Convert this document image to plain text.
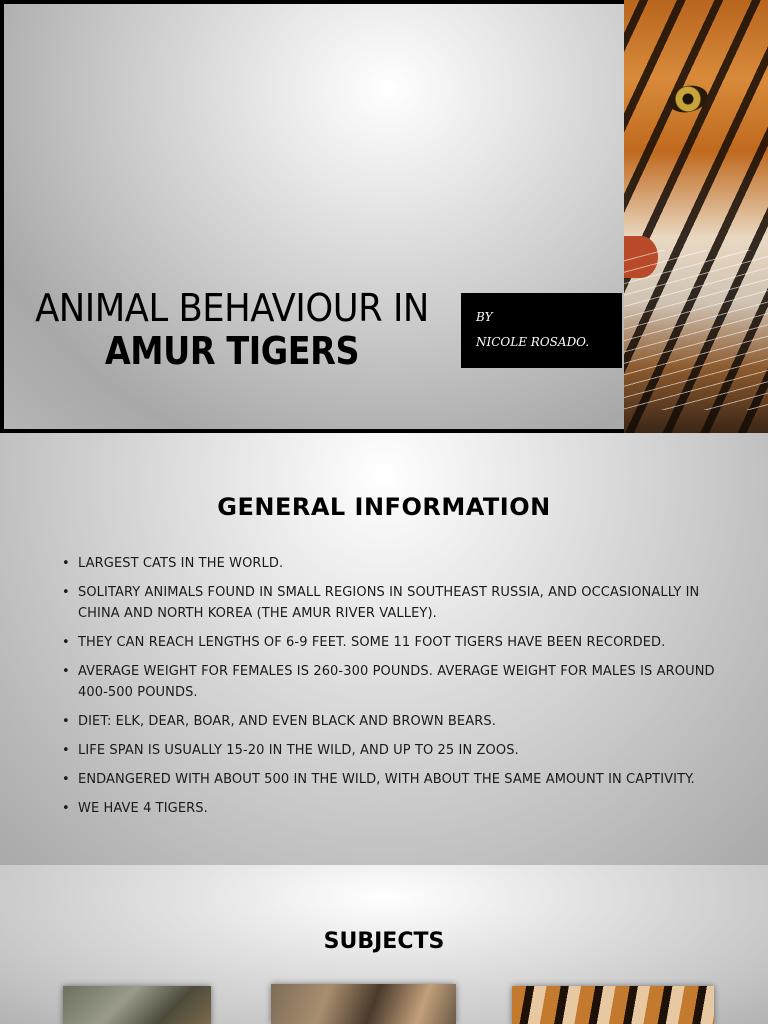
ANIMAL BEHAVIOUR IN
AMUR TIGERS
BY
NICOLE ROSADO.
GENERAL INFORMATION
• LARGEST CATS IN THE WORLD.
• SOLITARY ANIMALS FOUND IN SMALL REGIONS IN SOUTHEAST RUSSIA, AND OCCASIONALLY IN CHINA AND NORTH KOREA (THE AMUR RIVER VALLEY).
• THEY CAN REACH LENGTHS OF 6-9 FEET. SOME 11 FOOT TIGERS HAVE BEEN RECORDED.
• AVERAGE WEIGHT FOR FEMALES IS 260-300 POUNDS. AVERAGE WEIGHT FOR MALES IS AROUND 400-500 POUNDS.
• DIET: ELK, DEAR, BOAR, AND EVEN BLACK AND BROWN BEARS.
• LIFE SPAN IS USUALLY 15-20 IN THE WILD, AND UP TO 25 IN ZOOS.
• ENDANGERED WITH ABOUT 500 IN THE WILD, WITH ABOUT THE SAME AMOUNT IN CAPTIVITY.
• WE HAVE 4 TIGERS.
SUBJECTS
